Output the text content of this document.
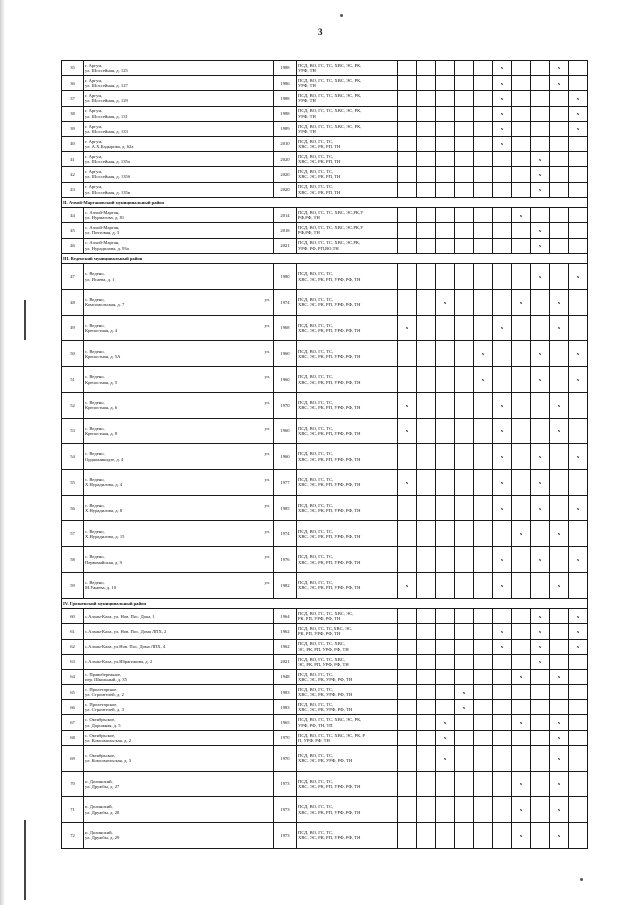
3
35	г. Аргун,
ул. Шоссейная, д. 125	1988	ПСД, ВО, ГС, ТС, ХВС, ЭС, РК,
УРФ, ТН						х			х	
36	г. Аргун,
ул. Шоссейная, д. 127	1986	ПСД, ВО, ГС, ТС, ХВС, ЭС, РК,
УРФ, ТН						х			х	
37	г. Аргун,
ул. Шоссейная, д. 129	1988	ПСД, ВО, ГС, ТС, ХВС, ЭС, РК,
УРФ, ТН						х				х
38	г. Аргун,
ул. Шоссейная, д. 131	1988	ПСД, ВО, ГС, ТС, ХВС, ЭС, РК,
УРФ, ТН						х				х
39	г. Аргун,
ул. Шоссейная, д. 133	1989	ПСД, ВО, ГС, ТС, ХВС, ЭС, РК,
УРФ, ТН						х				х
40	г. Аргун,
ул. А.Х.Кадырова, д. 62а	2010	ПСД, ВО, ГС, ТС,
ХВС, ЭС, РК, РП, ТН						х				
41	г. Аргун,
ул. Шоссейная, д. 135а	2020	ПСД, ВО, ГС, ТС,
ХВС, ЭС, РК, РП, ТН								х		
42	г. Аргун,
ул. Шоссейная, д. 135б	2020	ПСД, ВО, ГС, ТС,
ХВС, ЭС, РК, РП, ТН								х		
43	г. Аргун,
ул. Шоссейная, д. 135в	2020	ПСД, ВО, ГС, ТС,
ХВС, ЭС, РК, РП, ТН								х		
II. Ачхой-Мартановский муниципальный район													
44	с. Ачхой-Мартан,
ул. Нурмагова, д. 81	2014	ПСД, ВО, ГС, ТС, ХВС, ЭС,РК,У
РФ,РФ, ТН							х			
45	с. Ачхой-Мартан,
ул. Почтовая, д. 3	2018	ПСД, ВО, ГС, ТС, ХВС, ЭС,РК,У
РФ,РФ, ТН								х		
46	с. Ачхой-Мартан,
ул. Нурадилова, д. 93а	2021	ПСД, ВО, ГС, ТС, ХВС, ЭС,РК,
УРФ, РФ, РП,ВО,ТН								х		
III. Веденский муниципальный район													
47	с. Ведено,
ул. Исаева, д. 1	1980	ПСД, ВО, ГС, ТС,
ХВС, ЭС, РК, РП, УРФ, РФ, ТН								х		х
48	с. Ведено,
Комсомольская, д. 7
ул.	1974	ПСД, ВО, ГС, ТС,
ХВС, ЭС, РК, РП, УРФ, РФ, ТН			х				х		х	
49	с. Ведено,
Крепостная, д. 4
ул.	1968	ПСД, ВО, ГС, ТС,
ХВС, ЭС, РК, РП, УРФ, РФ, ТН	х					х			х	
50	с. Ведено,
Крепостная, д. 5А
ул.	1960	ПСД, ВО, ГС, ТС,
ХВС, ЭС, РК, РП, УРФ, РФ, ТН					х			х		х
51	с. Ведено,
Крепостная, д. 5
ул.	1960	ПСД, ВО, ГС, ТС,
ХВС, ЭС, РК, РП, УРФ, РФ, ТН					х			х		х
52	с. Ведено,
Крепостная, д. 6
ул.	1970	ПСД, ВО, ГС, ТС,
ХВС, ЭС, РК, РП, УРФ, РФ, ТН	х					х			х	
53	с. Ведено,
Крепостная, д. 8
ул.	1960	ПСД, ВО, ГС, ТС,
ХВС, ЭС, РК, РП, УРФ, РФ, ТН	х					х			х	
54	с. Ведено,
Орджоникидзе, д. 4
ул.	1960	ПСД, ВО, ГС, ТС,
ХВС, ЭС, РК, РП, УРФ, РФ, ТН						х		х		х
55	с. Ведено,
Х.Нурадилова, д. 4
ул.	1977	ПСД, ВО, ГС, ТС,
ХВС, ЭС, РК, РП, УРФ, РФ, ТН	х					х		х		
56	с. Ведено,
Х.Нурадилова, д. 8
ул.	1985	ПСД, ВО, ГС, ТС,
ХВС, ЭС, РК, РП, УРФ, РФ, ТН						х		х		х
57	с. Ведено,
Х.Нурадилова, д. 15
ул.	1974	ПСД, ВО, ГС, ТС,
ХВС, ЭС, РК, РП, УРФ, РФ, ТН							х		х	
58	с. Ведено,
Первомайская, д. 9
ул.	1976	ПСД, ВО, ГС, ТС,
ХВС, ЭС, РК, РП, УРФ, РФ, ТН						х		х		х
59	с. Ведено,
М.Ужаева, д. 10
ул.	1982	ПСД, ВО, ГС, ТС,
ХВС, ЭС, РК, РП, УРФ, РФ, ТН	х					х			х	
IV. Грозненский муниципальный район													
60	с.Алхан-Кала, ул. Нов. Пос. Дока, 1	1964	ПСД, ВО, ГС, ТС, ХВС, ЭС,
РК, РП, УРФ, РФ, ТН								х		х
61	с.Алхан-Кала, ул. Нов. Пос. Дома ЛПХ, 2	1962	ПСД, ВО, ГС, ТС,ХВС, ЭС,
РК, РП, УРФ, РФ, ТН						х		х		х
62	с.Алхан-Кала, ул.Нов. Пос. Дома ЛПХ, 4	1962	ПСД, ВО, ГС, ТС, ХВС,
ЭС, РК, РП, УРФ, РФ, ТН						х		х		х
63	с.Алхан-Кала, ул.Ибрагимова, д. 2	2021	ПСД, ВО, ГС, ТС, ХВС,
ЭС, РК, РП, УРФ, РФ, ТН								х		
64	с. Правобережное,
пер. Школьный, д. 35	1948	ПСД, ВО, ГС, ТС,
ХВС, ЭС, РК, УРФ, РФ, ТН							х		х	
65	с. Пролетарское,
ул. Строителей, д. 2	1983	ПСД, ВО, ГС, ТС,
ХВС, ЭС, РК, УРФ, РФ, ТН				х						
66	с. Пролетарское,
ул. Строителей, д. 3	1983	ПСД, ВО, ГС, ТС,
ХВС, ЭС, РК, УРФ, РФ, ТН				х						
67	с. Октябрьское,
ул. Дорожная, д. 5	1965	ПСД, ВО, ГС, ТС, ХВС, ЭС, РК,
УРФ, РФ, ТН, ТП			х				х		х	
68	с. Октябрьское,
ул. Комсомольская, д. 2	1970	ПСД, ВО, ГС, ТС, ХВС, ЭС, РК, Р
П, УРФ, РФ, ТН			х						х	
69	с. Октябрьское,
ул. Комсомольская, д. 3	1970	ПСД, ВО, ГС, ТС,
ХВС, ЭС, РК, УРФ, РФ, ТН			х						х	
70	п. Долинский,
ул. Дружбы, д. 27	1973	ПСД, ВО, ГС, ТС,
ХВС, ЭС, РК, РП, УРФ, РФ, ТН							х		х	
71	п. Долинский,
ул. Дружбы, д. 28	1973	ПСД, ВО, ГС, ТС,
ХВС, ЭС, РК, РП, УРФ, РФ, ТН							х		х	
72	п. Долинский,
ул. Дружбы, д. 29	1973	ПСД, ВО, ГС, ТС,
ХВС, ЭС, РК, РП, УРФ, РФ, ТН							х		х	
